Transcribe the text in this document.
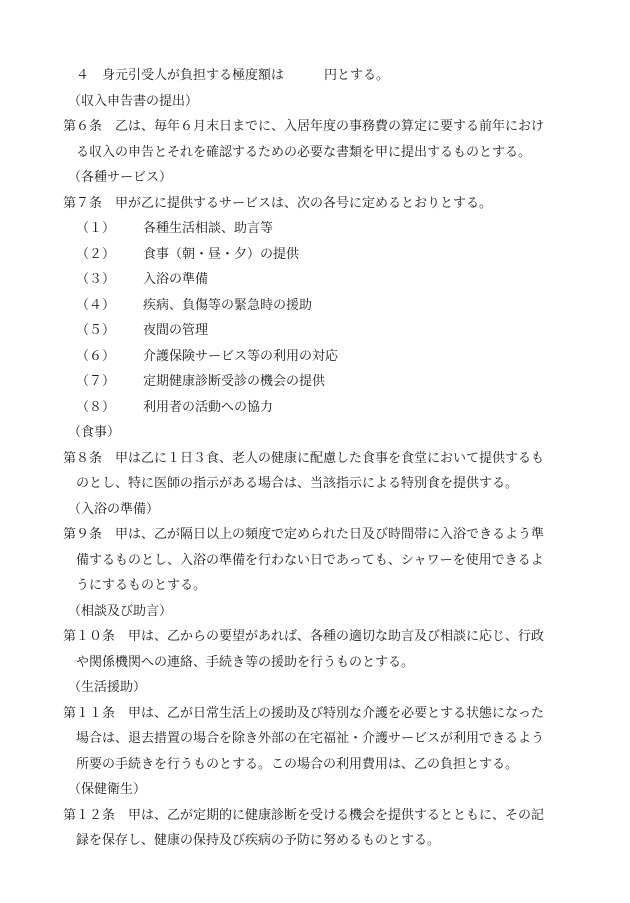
４ 身元引受人が負担する極度額は	円とする。
（収入申告書の提出）
第６条　乙は、毎年６月末日までに、入居年度の事務費の算定に要する前年におけ
る収入の申告とそれを確認するための必要な書類を甲に提出するものとする。
（各種サービス）
第７条　甲が乙に提供するサービスは、次の各号に定めるとおりとする。
（１） 各種生活相談、助言等
（２） 食事（朝・昼・夕）の提供
（３） 入浴の準備
（４） 疾病、負傷等の緊急時の援助
（５） 夜間の管理
（６） 介護保険サービス等の利用の対応
（７） 定期健康診断受診の機会の提供
（８） 利用者の活動への協力
（食事）
第８条　甲は乙に１日３食、老人の健康に配慮した食事を食堂において提供するも
のとし、特に医師の指示がある場合は、当該指示による特別食を提供する。
（入浴の準備）
第９条　甲は、乙が隔日以上の頻度で定められた日及び時間帯に入浴できるよう準
備するものとし、入浴の準備を行わない日であっても、シャワーを使用できるよ
うにするものとする。
（相談及び助言）
第１０条　甲は、乙からの要望があれば、各種の適切な助言及び相談に応じ、行政
や関係機関への連絡、手続き等の援助を行うものとする。
（生活援助）
第１１条　甲は、乙が日常生活上の援助及び特別な介護を必要とする状態になった
場合は、退去措置の場合を除き外部の在宅福祉・介護サービスが利用できるよう
所要の手続きを行うものとする。この場合の利用費用は、乙の負担とする。
（保健衛生）
第１２条　甲は、乙が定期的に健康診断を受ける機会を提供するとともに、その記
録を保存し、健康の保持及び疾病の予防に努めるものとする。
